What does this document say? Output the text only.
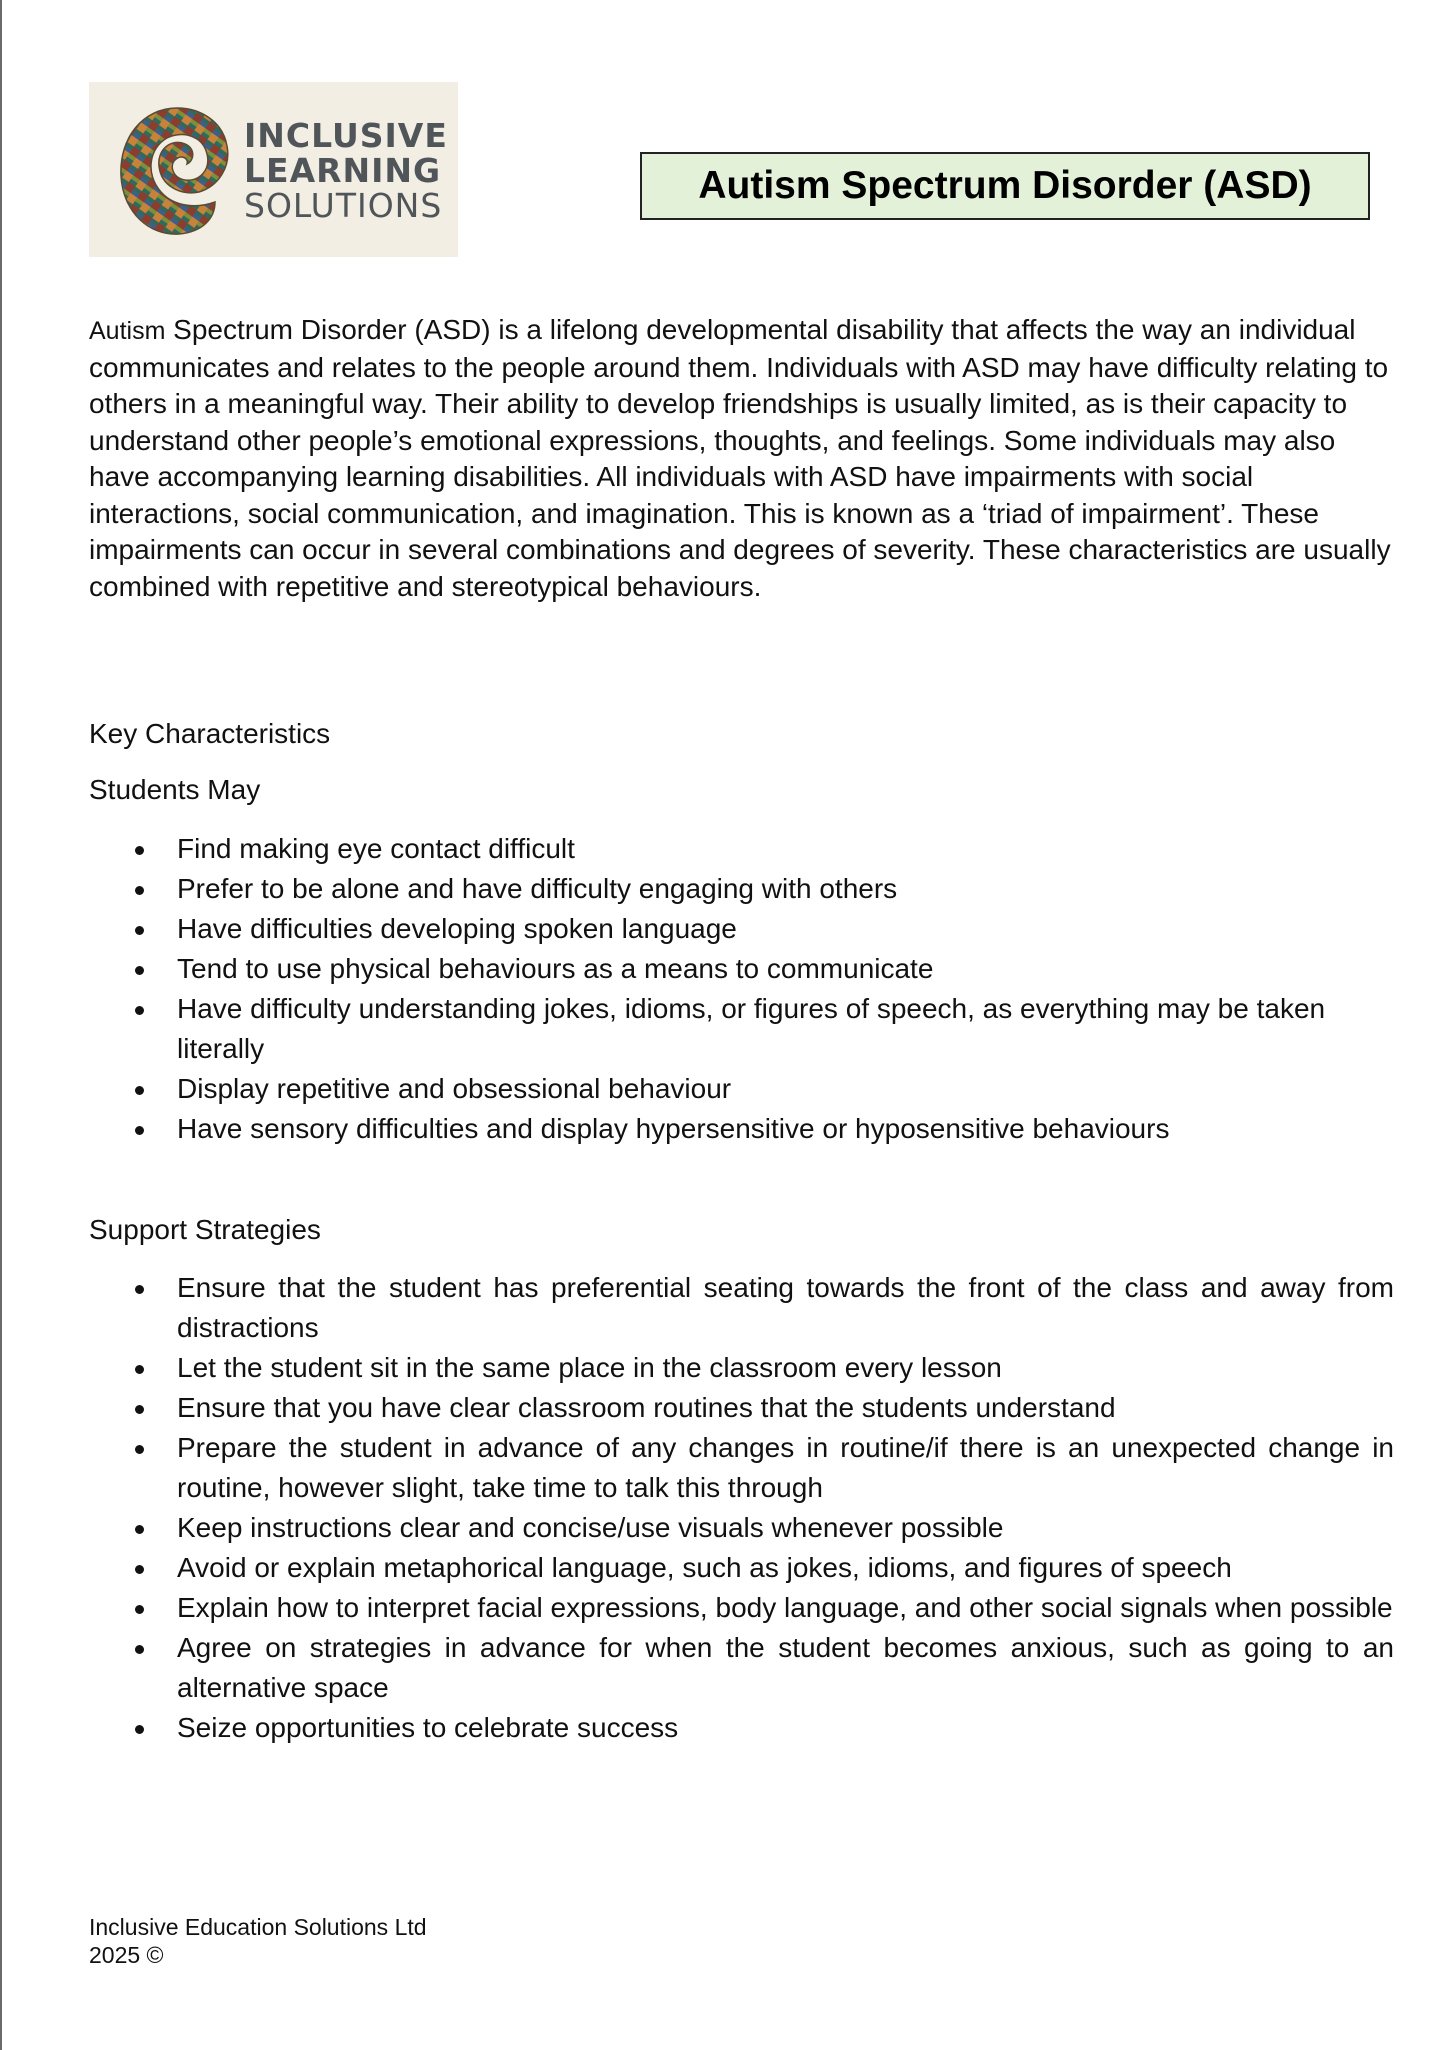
INCLUSIVE
LEARNING
SOLUTIONS	Autism Spectrum Disorder (ASD)
Autism Spectrum Disorder (ASD) is a lifelong developmental disability that affects the way an individual communicates and relates to the people around them. Individuals with ASD may have difficulty relating to others in a meaningful way. Their ability to develop friendships is usually limited, as is their capacity to understand other people’s emotional expressions, thoughts, and feelings. Some individuals may also have accompanying learning disabilities. All individuals with ASD have impairments with social interactions, social communication, and imagination. This is known as a ‘triad of impairment’. These impairments can occur in several combinations and degrees of severity. These characteristics are usually combined with repetitive and stereotypical behaviours.
Key Characteristics
Students May
Find making eye contact difficult
Prefer to be alone and have difficulty engaging with others
Have difficulties developing spoken language
Tend to use physical behaviours as a means to communicate
Have difficulty understanding jokes, idioms, or figures of speech, as everything may be taken literally
Display repetitive and obsessional behaviour
Have sensory difficulties and display hypersensitive or hyposensitive behaviours
Support Strategies
Ensure that the student has preferential seating towards the front of the class and away from distractions
Let the student sit in the same place in the classroom every lesson
Ensure that you have clear classroom routines that the students understand
Prepare the student in advance of any changes in routine/if there is an unexpected change in routine, however slight, take time to talk this through
Keep instructions clear and concise/use visuals whenever possible
Avoid or explain metaphorical language, such as jokes, idioms, and figures of speech
Explain how to interpret facial expressions, body language, and other social signals when possible
Agree on strategies in advance for when the student becomes anxious, such as going to an alternative space
Seize opportunities to celebrate success
Inclusive Education Solutions Ltd
2025 ©
